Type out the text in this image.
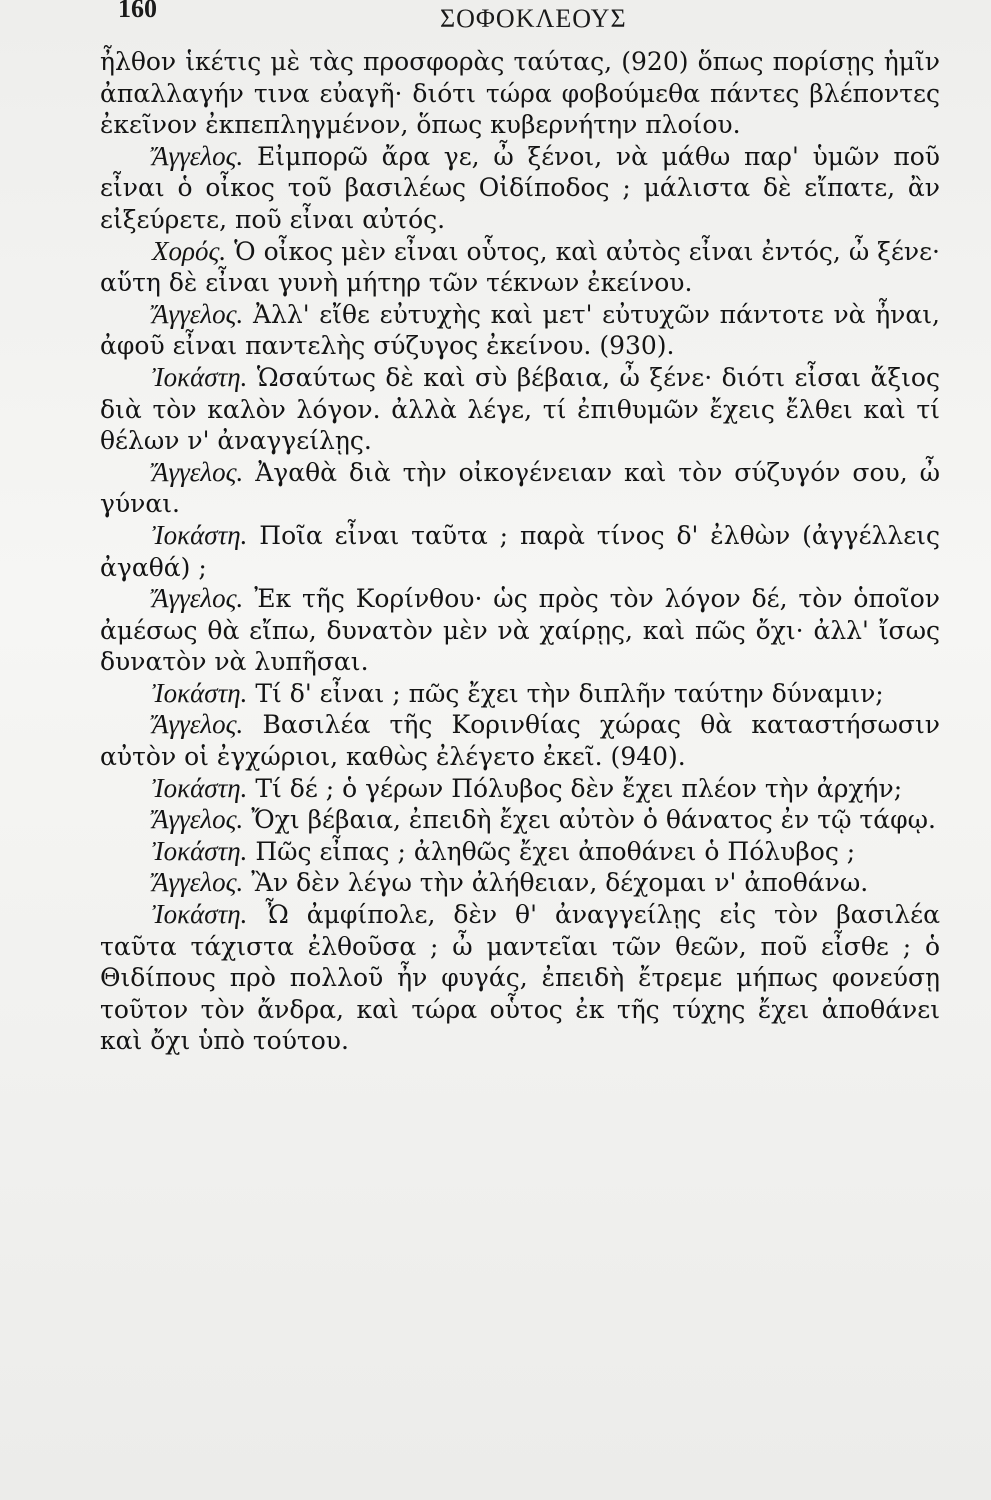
160	ΣΟΦΟΚΛΕΟΥΣ

ἦλθον ἱκέτις μὲ τὰς προσφορὰς ταύτας, (920) ὅπως πορίσῃς ἡμῖν ἀπαλλαγήν τινα εὐαγῆ· διότι τώρα φοβούμεθα πάντες βλέποντες ἐκεῖνον ἐκπεπληγμένον, ὅπως κυβερνήτην πλοίου.

Ἄγγελος. Εἰμπορῶ ἄρα γε, ὦ ξένοι, νὰ μάθω παρ' ὑμῶν ποῦ εἶναι ὁ οἶκος τοῦ βασιλέως Οἰδίποδος ; μάλιστα δὲ εἴπατε, ἂν εἰξεύρετε, ποῦ εἶναι αὐτός.

Χορός. Ὁ οἶκος μὲν εἶναι οὗτος, καὶ αὐτὸς εἶναι ἐντός, ὦ ξένε· αὕτη δὲ εἶναι γυνὴ μήτηρ τῶν τέκνων ἐκείνου.

Ἄγγελος. Ἀλλ' εἴθε εὐτυχὴς καὶ μετ' εὐτυχῶν πάντοτε νὰ ἦναι, ἀφοῦ εἶναι παντελὴς σύζυγος ἐκείνου. (930).

Ἰοκάστη. Ὡσαύτως δὲ καὶ σὺ βέβαια, ὦ ξένε· διότι εἶσαι ἄξιος διὰ τὸν καλὸν λόγον. ἀλλὰ λέγε, τί ἐπιθυμῶν ἔχεις ἔλθει καὶ τί θέλων ν' ἀναγγείλῃς.

Ἄγγελος. Ἀγαθὰ διὰ τὴν οἰκογένειαν καὶ τὸν σύζυγόν σου, ὦ γύναι.

Ἰοκάστη. Ποῖα εἶναι ταῦτα ; παρὰ τίνος δ' ἐλθὼν (ἀγγέλλεις ἀγαθά) ;

Ἄγγελος. Ἐκ τῆς Κορίνθου· ὡς πρὸς τὸν λόγον δέ, τὸν ὁποῖον ἀμέσως θὰ εἴπω, δυνατὸν μὲν νὰ χαίρῃς, καὶ πῶς ὄχι· ἀλλ' ἴσως δυνατὸν νὰ λυπῆσαι.

Ἰοκάστη. Τί δ' εἶναι ; πῶς ἔχει τὴν διπλῆν ταύτην δύναμιν;

Ἄγγελος. Βασιλέα τῆς Κορινθίας χώρας θὰ καταστήσωσιν αὐτὸν οἱ ἐγχώριοι, καθὼς ἐλέγετο ἐκεῖ. (940).

Ἰοκάστη. Τί δέ ; ὁ γέρων Πόλυβος δὲν ἔχει πλέον τὴν ἀρχήν;

Ἄγγελος. Ὄχι βέβαια, ἐπειδὴ ἔχει αὐτὸν ὁ θάνατος ἐν τῷ τάφῳ.

Ἰοκάστη. Πῶς εἶπας ; ἀληθῶς ἔχει ἀποθάνει ὁ Πόλυβος ;

Ἄγγελος. Ἂν δὲν λέγω τὴν ἀλήθειαν, δέχομαι ν' ἀποθάνω.

Ἰοκάστη. Ὦ ἀμφίπολε, δὲν θ' ἀναγγείλῃς εἰς τὸν βασιλέα ταῦτα τάχιστα ἐλθοῦσα ; ὦ μαντεῖαι τῶν θεῶν, ποῦ εἶσθε ; ὁ Θιδίπους πρὸ πολλοῦ ἦν φυγάς, ἐπειδὴ ἔτρεμε μήπως φονεύσῃ τοῦτον τὸν ἄνδρα, καὶ τώρα οὗτος ἐκ τῆς τύχης ἔχει ἀποθάνει καὶ ὄχι ὑπὸ τούτου.
